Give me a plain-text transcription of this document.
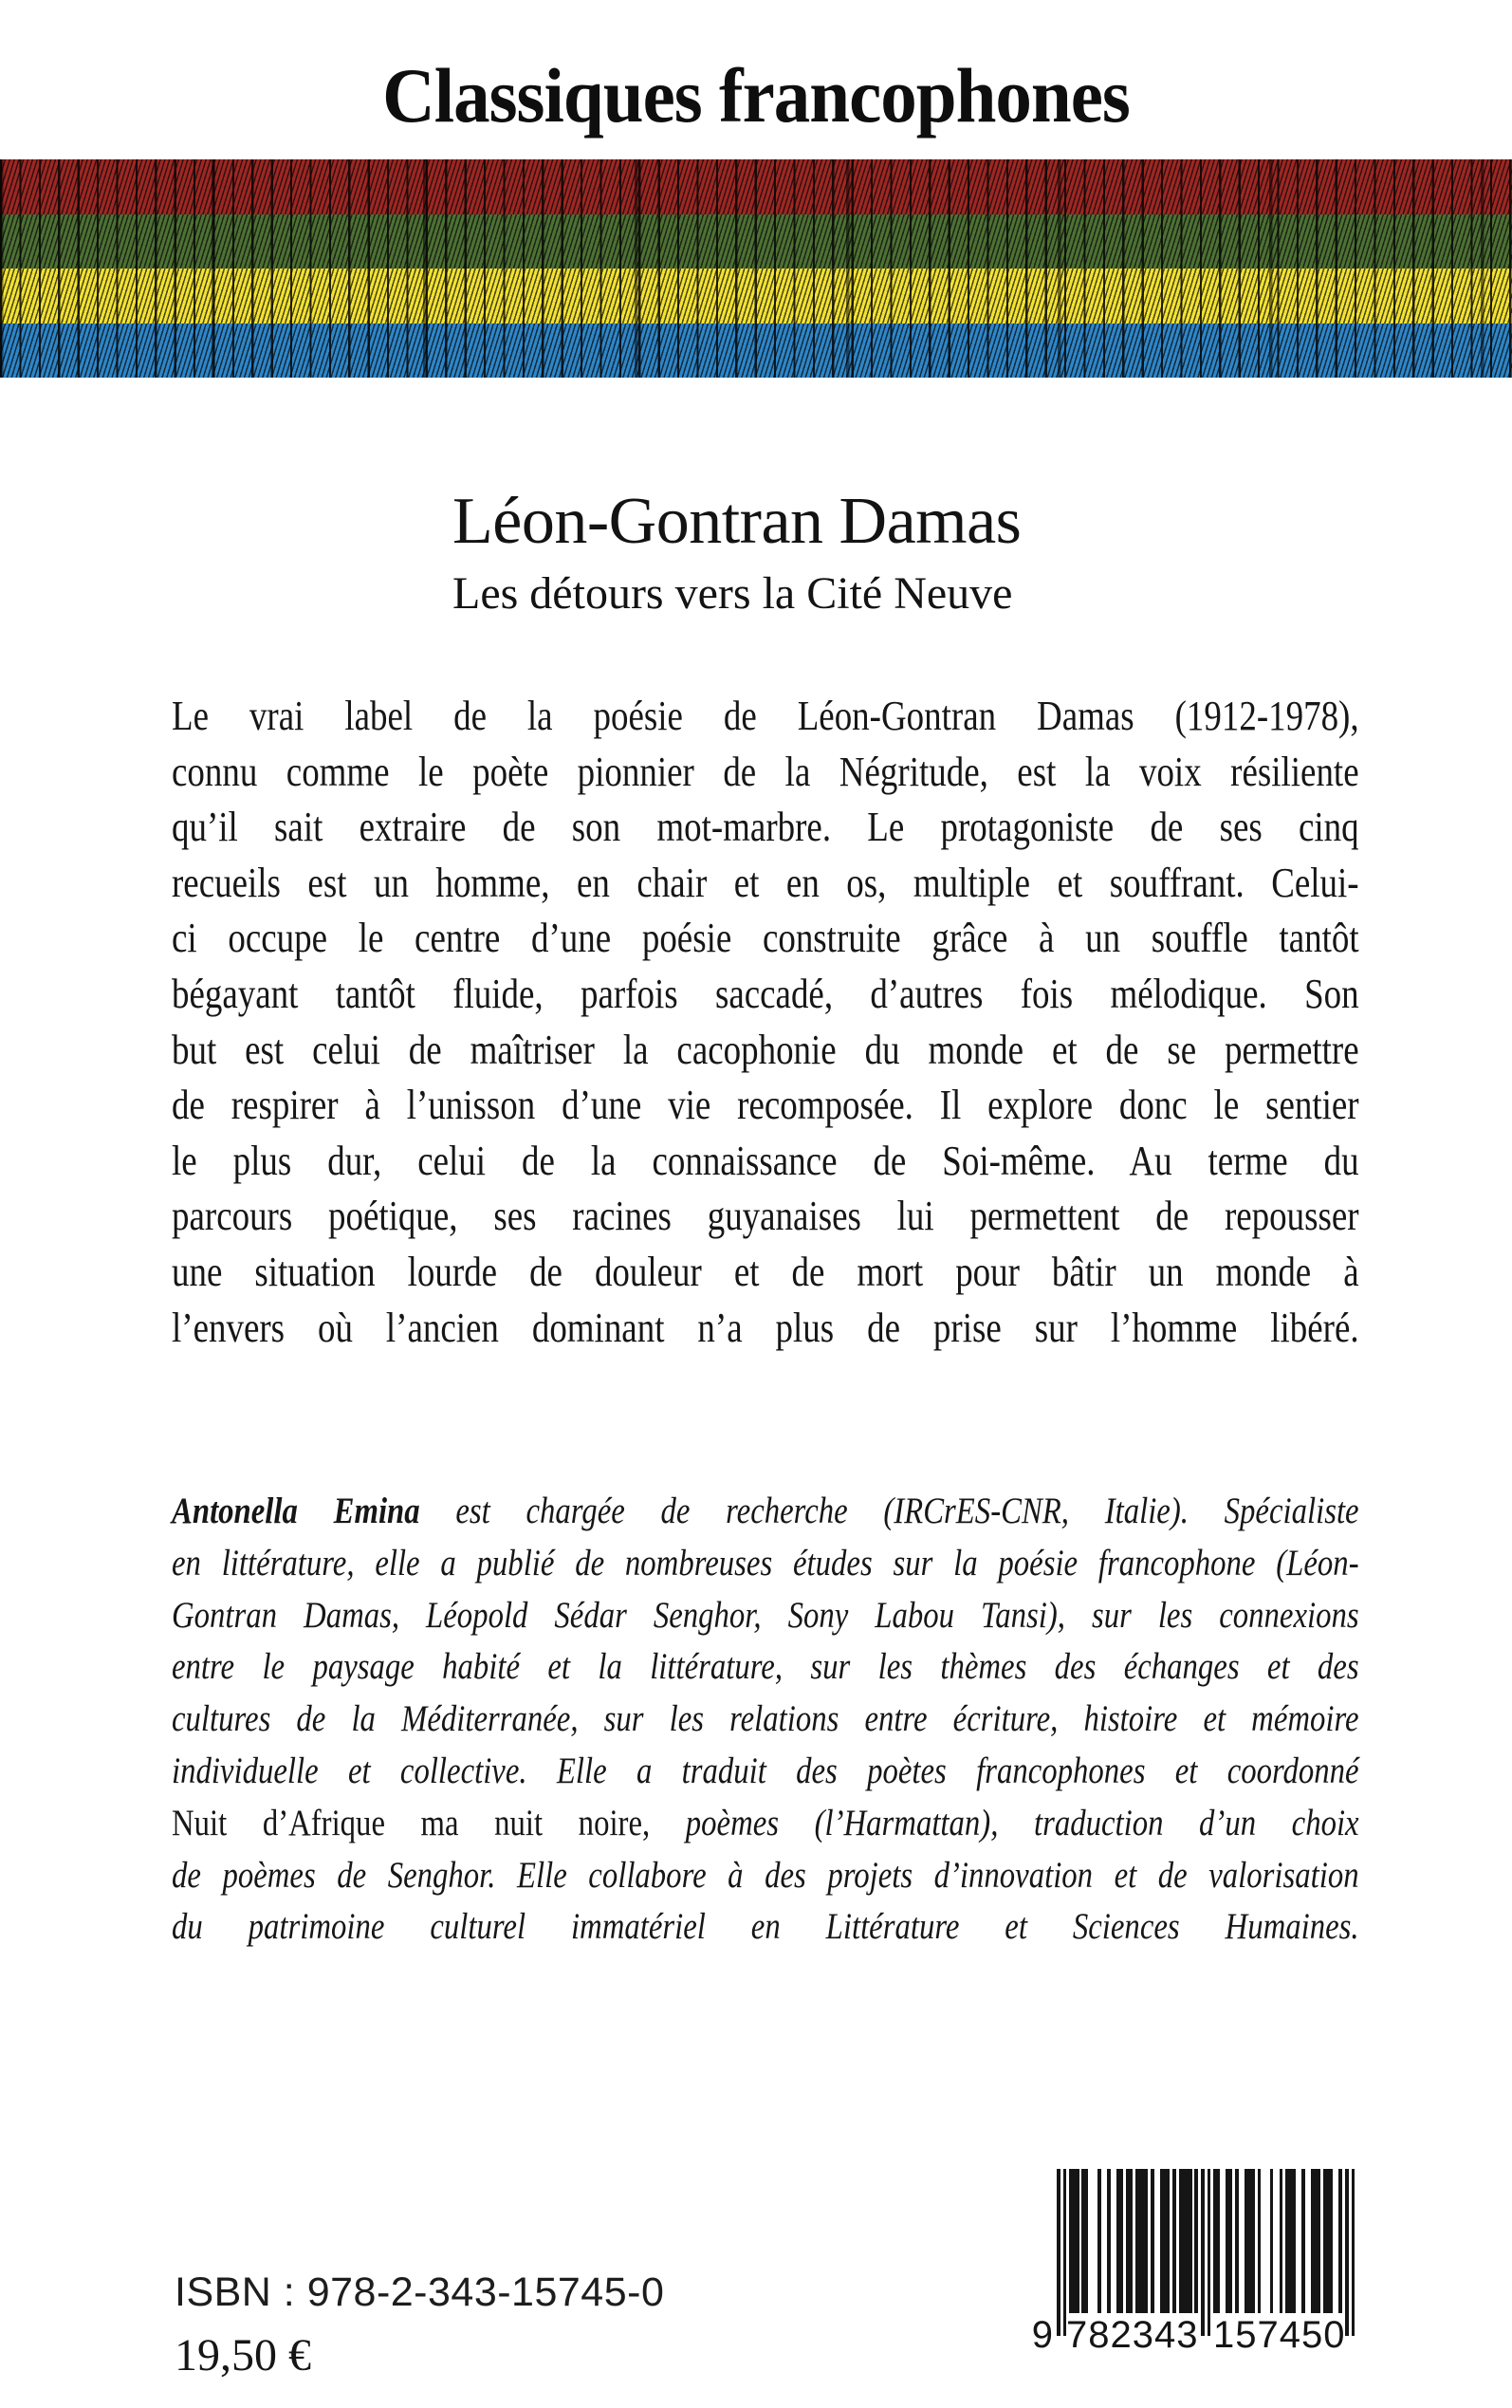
Classiques francophones
Léon-Gontran Damas
Les détours vers la Cité Neuve
Le vrai label de la poésie de Léon-Gontran Damas (1912-1978),
connu comme le poète pionnier de la Négritude, est la voix résiliente
qu’il sait extraire de son mot-marbre. Le protagoniste de ses cinq
recueils est un homme, en chair et en os, multiple et souffrant. Celui-
ci occupe le centre d’une poésie construite grâce à un souffle tantôt
bégayant tantôt fluide, parfois saccadé, d’autres fois mélodique. Son
but est celui de maîtriser la cacophonie du monde et de se permettre
de respirer à l’unisson d’une vie recomposée. Il explore donc le sentier
le plus dur, celui de la connaissance de Soi-même. Au terme du
parcours poétique, ses racines guyanaises lui permettent de repousser
une situation lourde de douleur et de mort pour bâtir un monde à
l’envers où l’ancien dominant n’a plus de prise sur l’homme libéré.
Antonella Emina est chargée de recherche (IRCrES-CNR, Italie). Spécialiste
en littérature, elle a publié de nombreuses études sur la poésie francophone (Léon-
Gontran Damas, Léopold Sédar Senghor, Sony Labou Tansi), sur les connexions
entre le paysage habité et la littérature, sur les thèmes des échanges et des
cultures de la Méditerranée, sur les relations entre écriture, histoire et mémoire
individuelle et collective. Elle a traduit des poètes francophones et coordonné
Nuit d’Afrique ma nuit noire, poèmes (l’Harmattan), traduction d’un choix
de poèmes de Senghor. Elle collabore à des projets d’innovation et de valorisation
du patrimoine culturel immatériel en Littérature et Sciences Humaines.
ISBN : 978-2-343-15745-0
19,50 €	9 782343 157450
